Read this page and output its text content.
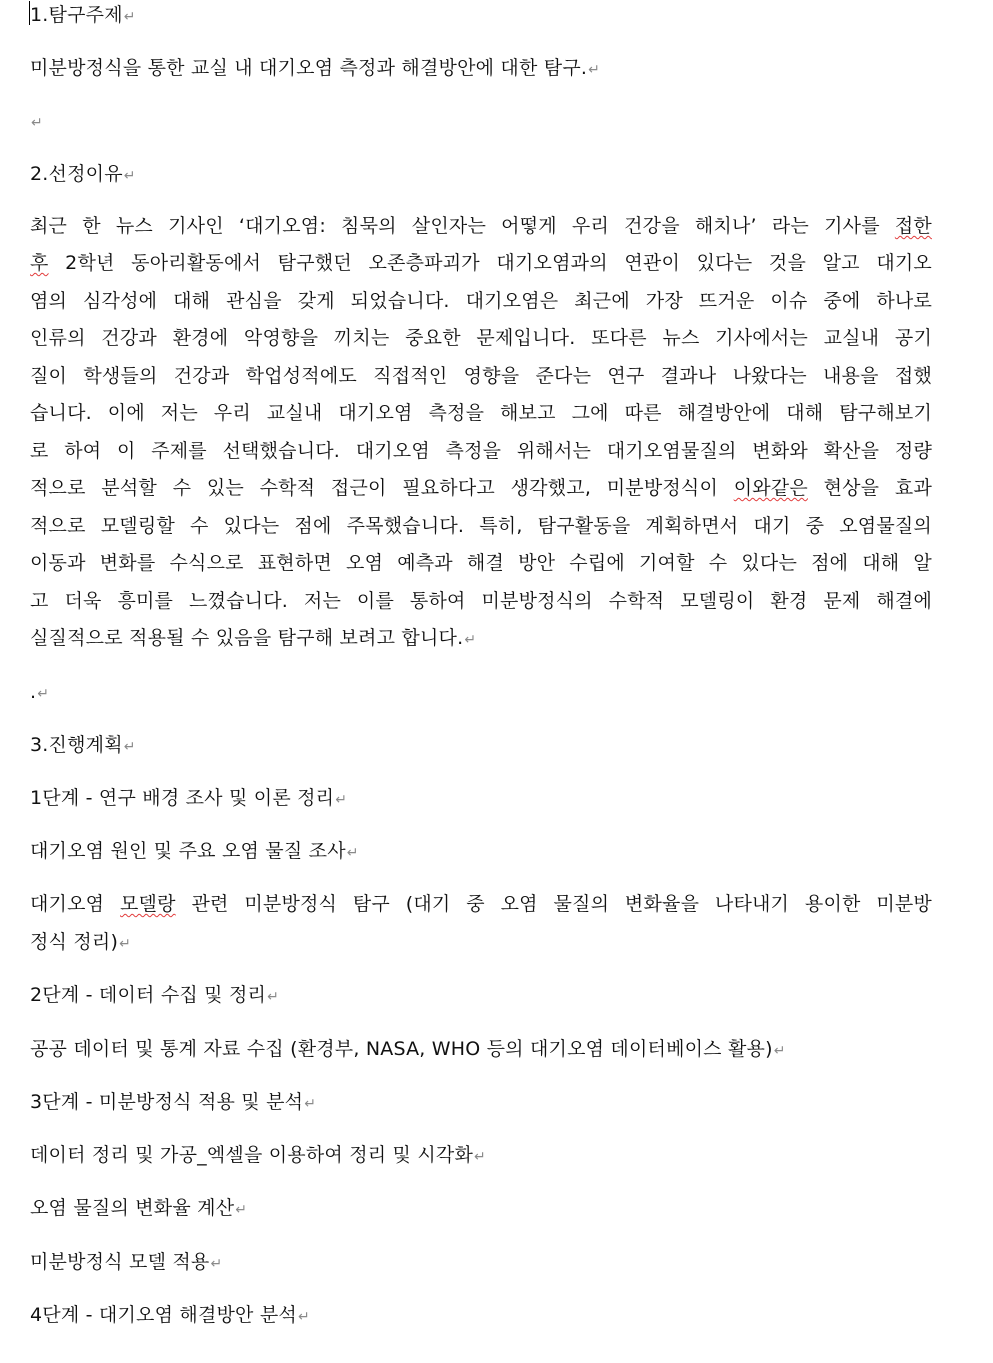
1.탐구주제↵
미분방정식을 통한 교실 내 대기오염 측정과 해결방안에 대한 탐구.↵
↵
2.선정이유↵
최근 한 뉴스 기사인 ‘대기오염: 침묵의 살인자는 어떻게 우리 건강을 해치나’ 라는 기사를 접한
후 2학년 동아리활동에서 탐구했던 오존층파괴가 대기오염과의 연관이 있다는 것을 알고 대기오
염의 심각성에 대해 관심을 갖게 되었습니다. 대기오염은 최근에 가장 뜨거운 이슈 중에 하나로
인류의 건강과 환경에 악영향을 끼치는 중요한 문제입니다. 또다른 뉴스 기사에서는 교실내 공기
질이 학생들의 건강과 학업성적에도 직접적인 영향을 준다는 연구 결과나 나왔다는 내용을 접했
습니다. 이에 저는 우리 교실내 대기오염 측정을 해보고 그에 따른 해결방안에 대해 탐구해보기
로 하여 이 주제를 선택했습니다. 대기오염 측정을 위해서는 대기오염물질의 변화와 확산을 정량
적으로 분석할 수 있는 수학적 접근이 필요하다고 생각했고, 미분방정식이 이와같은 현상을 효과
적으로 모델링할 수 있다는 점에 주목했습니다. 특히, 탐구활동을 계획하면서 대기 중 오염물질의
이동과 변화를 수식으로 표현하면 오염 예측과 해결 방안 수립에 기여할 수 있다는 점에 대해 알
고 더욱 흥미를 느꼈습니다. 저는 이를 통하여 미분방정식의 수학적 모델링이 환경 문제 해결에
실질적으로 적용될 수 있음을 탐구해 보려고 합니다.↵
.↵
3.진행계획↵
1단계 - 연구 배경 조사 및 이론 정리↵
대기오염 원인 및 주요 오염 물질 조사↵
대기오염 모델랑 관련 미분방정식 탐구 (대기 중 오염 물질의 변화율을 나타내기 용이한 미분방
정식 정리)↵
2단계 - 데이터 수집 및 정리↵
공공 데이터 및 통계 자료 수집 (환경부, NASA, WHO 등의 대기오염 데이터베이스 활용)↵
3단계 - 미분방정식 적용 및 분석↵
데이터 정리 및 가공_엑셀을 이용하여 정리 및 시각화↵
오염 물질의 변화율 계산↵
미분방정식 모델 적용↵
4단계 - 대기오염 해결방안 분석↵
